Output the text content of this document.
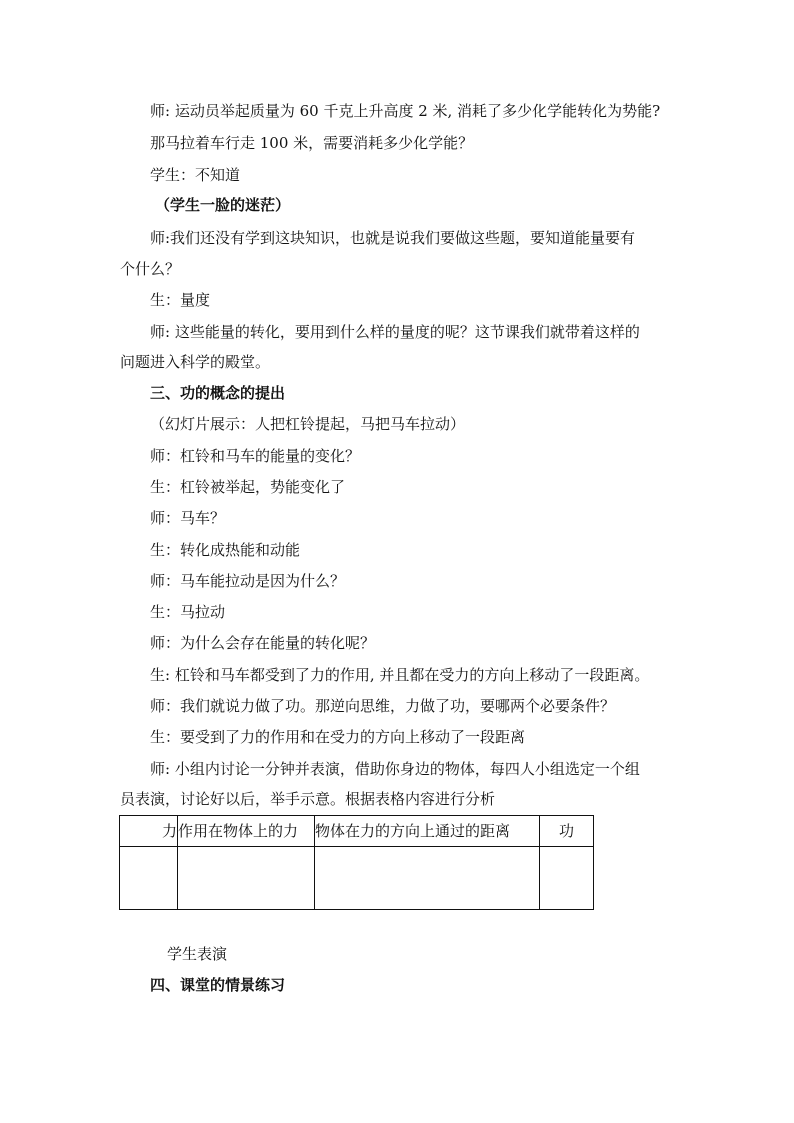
师: 运动员举起质量为 60 千克上升高度 2 米, 消耗了多少化学能转化为势能?
那马拉着车行走 100 米，需要消耗多少化学能？
学生：不知道
（学生一脸的迷茫）
师:我们还没有学到这块知识，也就是说我们要做这些题，要知道能量要有
个什么？
生：量度
师: 这些能量的转化，要用到什么样的量度的呢？这节课我们就带着这样的
问题进入科学的殿堂。
三、功的概念的提出
（幻灯片展示：人把杠铃提起，马把马车拉动）
师：杠铃和马车的能量的变化？
生：杠铃被举起，势能变化了
师：马车？
生：转化成热能和动能
师：马车能拉动是因为什么？
生：马拉动
师：为什么会存在能量的转化呢？
生: 杠铃和马车都受到了力的作用, 并且都在受力的方向上移动了一段距离。
师：我们就说力做了功。那逆向思维，力做了功，要哪两个必要条件？
生：要受到了力的作用和在受力的方向上移动了一段距离
师: 小组内讨论一分钟并表演，借助你身边的物体，每四人小组选定一个组
员表演，讨论好以后，举手示意。根据表格内容进行分析
力	作用在物体上的力	物体在力的方向上通过的距离	功

学生表演
四、课堂的情景练习
